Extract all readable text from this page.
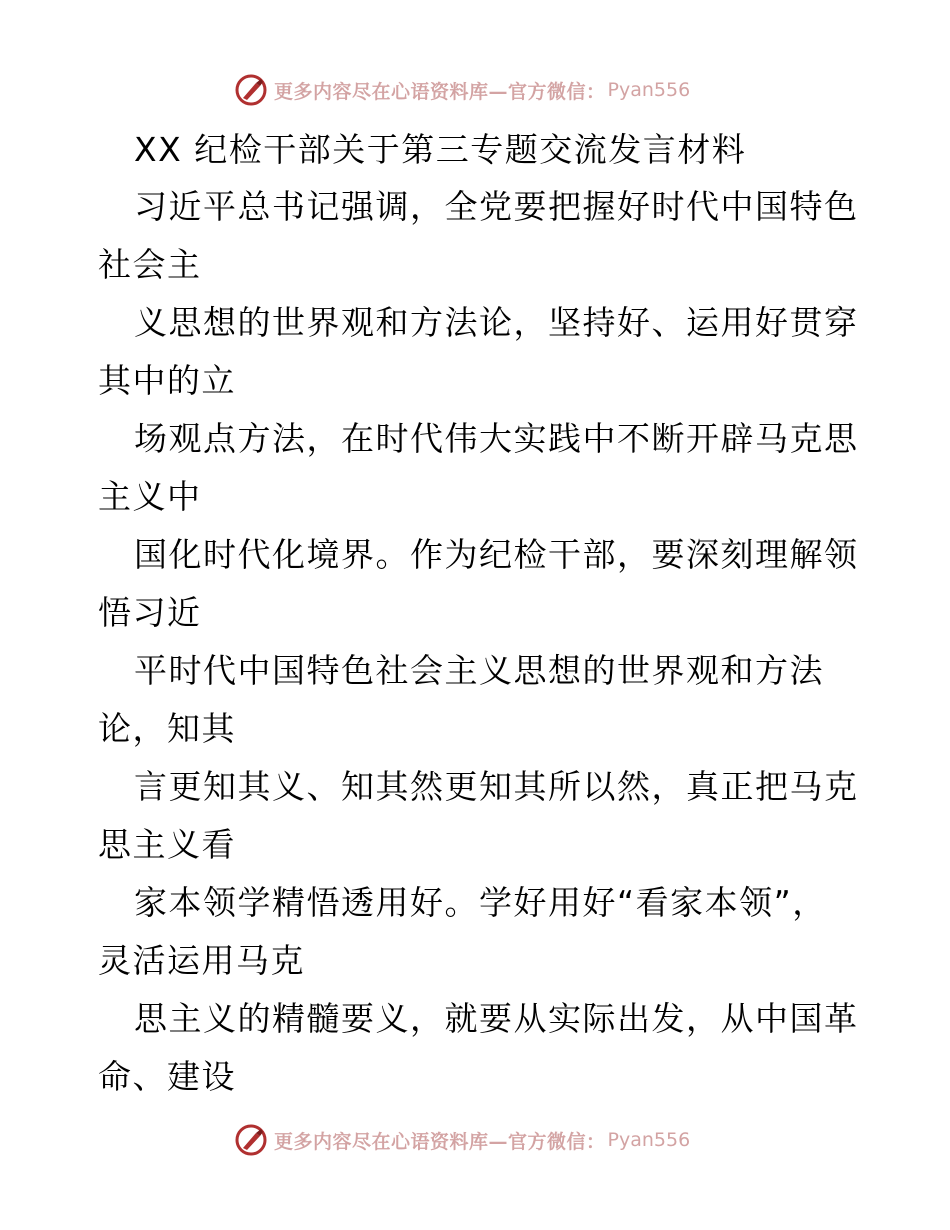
更多内容尽在心语资料库—官方微信： Pyan556
XX 纪检干部关于第三专题交流发言材料
习近平总书记强调，全党要把握好时代中国特色
社会主
义思想的世界观和方法论，坚持好、运用好贯穿
其中的立
场观点方法，在时代伟大实践中不断开辟马克思
主义中
国化时代化境界。作为纪检干部，要深刻理解领
悟习近
平时代中国特色社会主义思想的世界观和方法
论，知其
言更知其义、知其然更知其所以然，真正把马克
思主义看
家本领学精悟透用好。学好用好“看家本领”，
灵活运用马克
思主义的精髓要义，就要从实际出发，从中国革
命、建设
更多内容尽在心语资料库—官方微信： Pyan556
